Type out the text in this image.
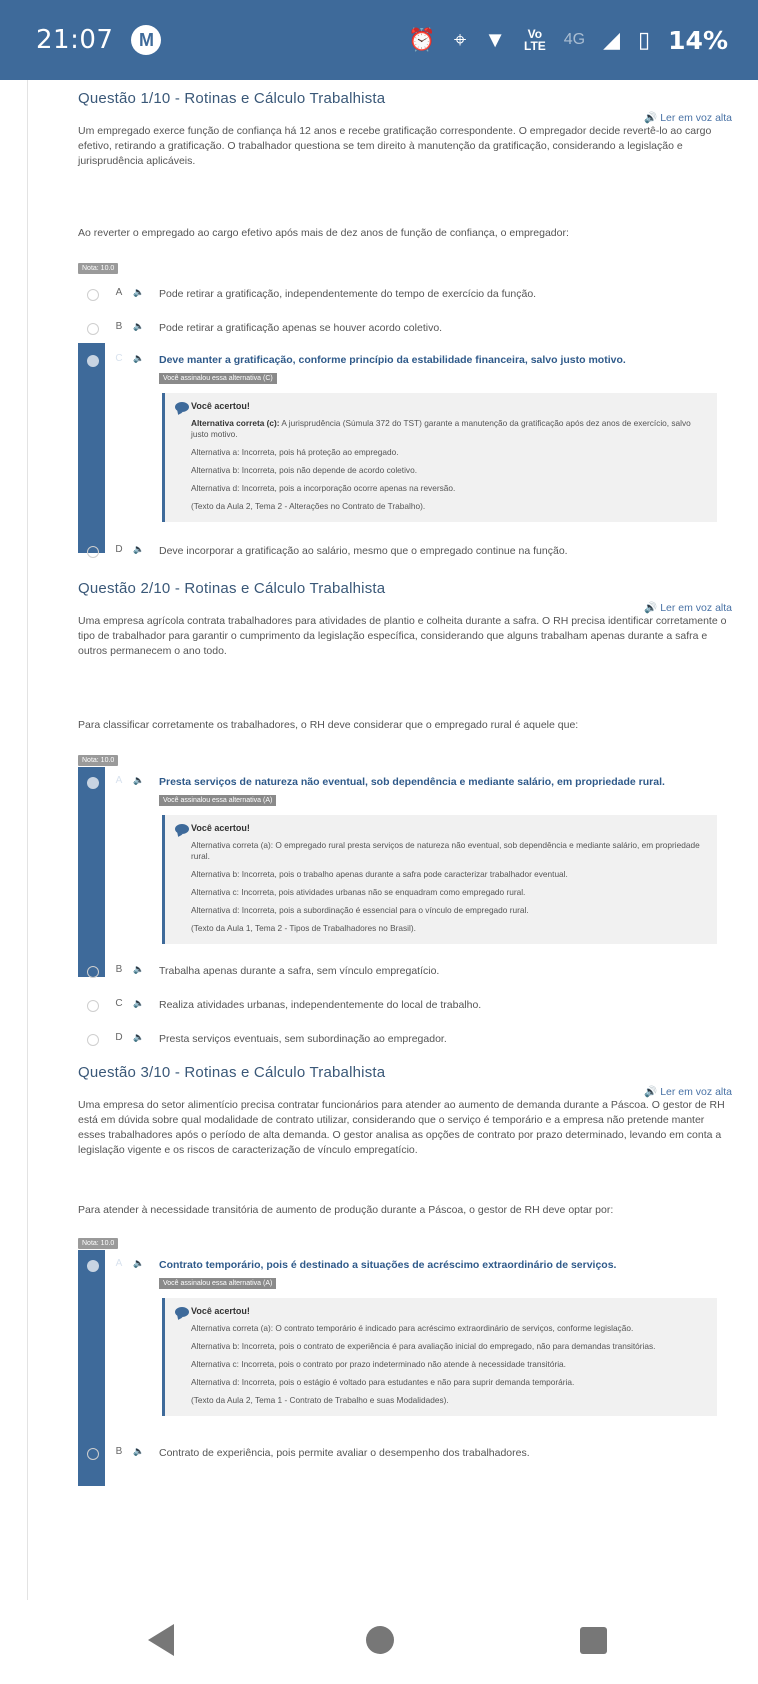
21:07	M	⏰ ⌖ ▼	Vo
LTE 4G ◢ ▯ 14%
Questão 1/10 - Rotinas e Cálculo Trabalhista
🔊 Ler em voz alta
Um empregado exerce função de confiança há 12 anos e recebe gratificação correspondente. O empregador decide revertê-lo ao cargo efetivo, retirando a gratificação. O trabalhador questiona se tem direito à manutenção da gratificação, considerando a legislação e jurisprudência aplicáveis.
Ao reverter o empregado ao cargo efetivo após mais de dez anos de função de confiança, o empregador:
Nota: 10.0
A	🔈	Pode retirar a gratificação, independentemente do tempo de exercício da função.
B	🔈	Pode retirar a gratificação apenas se houver acordo coletivo.
C	🔈	Deve manter a gratificação, conforme princípio da estabilidade financeira, salvo justo motivo.
Você assinalou essa alternativa (C)
Você acertou!

Alternativa correta (c): A jurisprudência (Súmula 372 do TST) garante a manutenção da gratificação após dez anos de exercício, salvo justo motivo.

Alternativa a: Incorreta, pois há proteção ao empregado.

Alternativa b: Incorreta, pois não depende de acordo coletivo.

Alternativa d: Incorreta, pois a incorporação ocorre apenas na reversão.

(Texto da Aula 2, Tema 2 - Alterações no Contrato de Trabalho).

D	🔈	Deve incorporar a gratificação ao salário, mesmo que o empregado continue na função.
Questão 2/10 - Rotinas e Cálculo Trabalhista
🔊 Ler em voz alta
Uma empresa agrícola contrata trabalhadores para atividades de plantio e colheita durante a safra. O RH precisa identificar corretamente o tipo de trabalhador para garantir o cumprimento da legislação específica, considerando que alguns trabalham apenas durante a safra e outros permanecem o ano todo.
Para classificar corretamente os trabalhadores, o RH deve considerar que o empregado rural é aquele que:
Nota: 10.0
A	🔈	Presta serviços de natureza não eventual, sob dependência e mediante salário, em propriedade rural.
Você assinalou essa alternativa (A)
Você acertou!

Alternativa correta (a): O empregado rural presta serviços de natureza não eventual, sob dependência e mediante salário, em propriedade rural.

Alternativa b: Incorreta, pois o trabalho apenas durante a safra pode caracterizar trabalhador eventual.

Alternativa c: Incorreta, pois atividades urbanas não se enquadram como empregado rural.

Alternativa d: Incorreta, pois a subordinação é essencial para o vínculo de empregado rural.

(Texto da Aula 1, Tema 2 - Tipos de Trabalhadores no Brasil).

B	🔈	Trabalha apenas durante a safra, sem vínculo empregatício.
C	🔈	Realiza atividades urbanas, independentemente do local de trabalho.
D	🔈	Presta serviços eventuais, sem subordinação ao empregador.
Questão 3/10 - Rotinas e Cálculo Trabalhista
🔊 Ler em voz alta
Uma empresa do setor alimentício precisa contratar funcionários para atender ao aumento de demanda durante a Páscoa. O gestor de RH está em dúvida sobre qual modalidade de contrato utilizar, considerando que o serviço é temporário e a empresa não pretende manter esses trabalhadores após o período de alta demanda. O gestor analisa as opções de contrato por prazo determinado, levando em conta a legislação vigente e os riscos de caracterização de vínculo empregatício.
Para atender à necessidade transitória de aumento de produção durante a Páscoa, o gestor de RH deve optar por:
Nota: 10.0
A	🔈	Contrato temporário, pois é destinado a situações de acréscimo extraordinário de serviços.
Você assinalou essa alternativa (A)
Você acertou!

Alternativa correta (a): O contrato temporário é indicado para acréscimo extraordinário de serviços, conforme legislação.

Alternativa b: Incorreta, pois o contrato de experiência é para avaliação inicial do empregado, não para demandas transitórias.

Alternativa c: Incorreta, pois o contrato por prazo indeterminado não atende à necessidade transitória.

Alternativa d: Incorreta, pois o estágio é voltado para estudantes e não para suprir demanda temporária.

(Texto da Aula 2, Tema 1 - Contrato de Trabalho e suas Modalidades).

B	🔈	Contrato de experiência, pois permite avaliar o desempenho dos trabalhadores.
